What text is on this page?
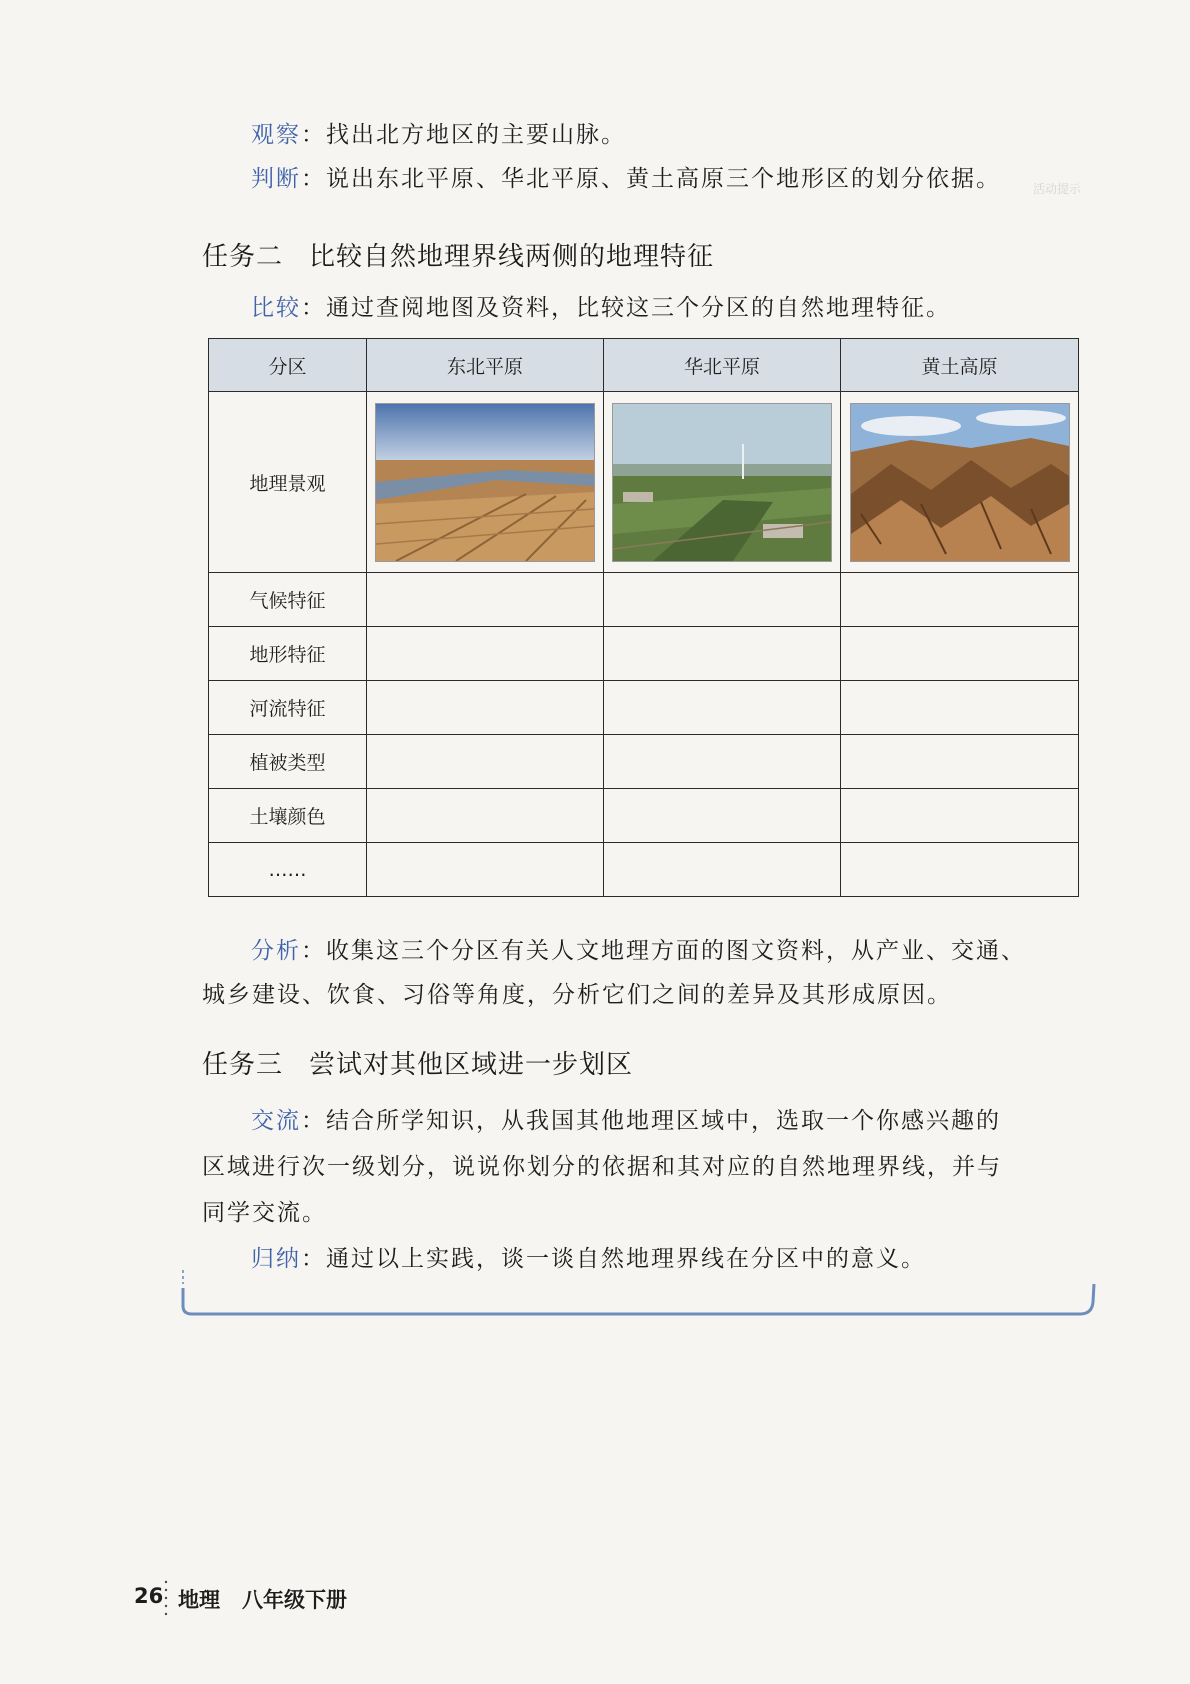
观察：找出北方地区的主要山脉。
判断：说出东北平原、华北平原、黄土高原三个地形区的划分依据。	活动提示
任务二 比较自然地理界线两侧的地理特征
比较：通过查阅地图及资料，比较这三个分区的自然地理特征。
分区	东北平原	华北平原	黄土高原
地理景观	

气候特征			
地形特征			
河流特征			
植被类型			
土壤颜色			
……			
分析：收集这三个分区有关人文地理方面的图文资料，从产业、交通、
城乡建设、饮食、习俗等角度，分析它们之间的差异及其形成原因。
任务三 尝试对其他区域进一步划区
交流：结合所学知识，从我国其他地理区域中，选取一个你感兴趣的
区域进行次一级划分，说说你划分的依据和其对应的自然地理界线，并与
同学交流。
归纳：通过以上实践，谈一谈自然地理界线在分区中的意义。
26 地理 八年级下册
